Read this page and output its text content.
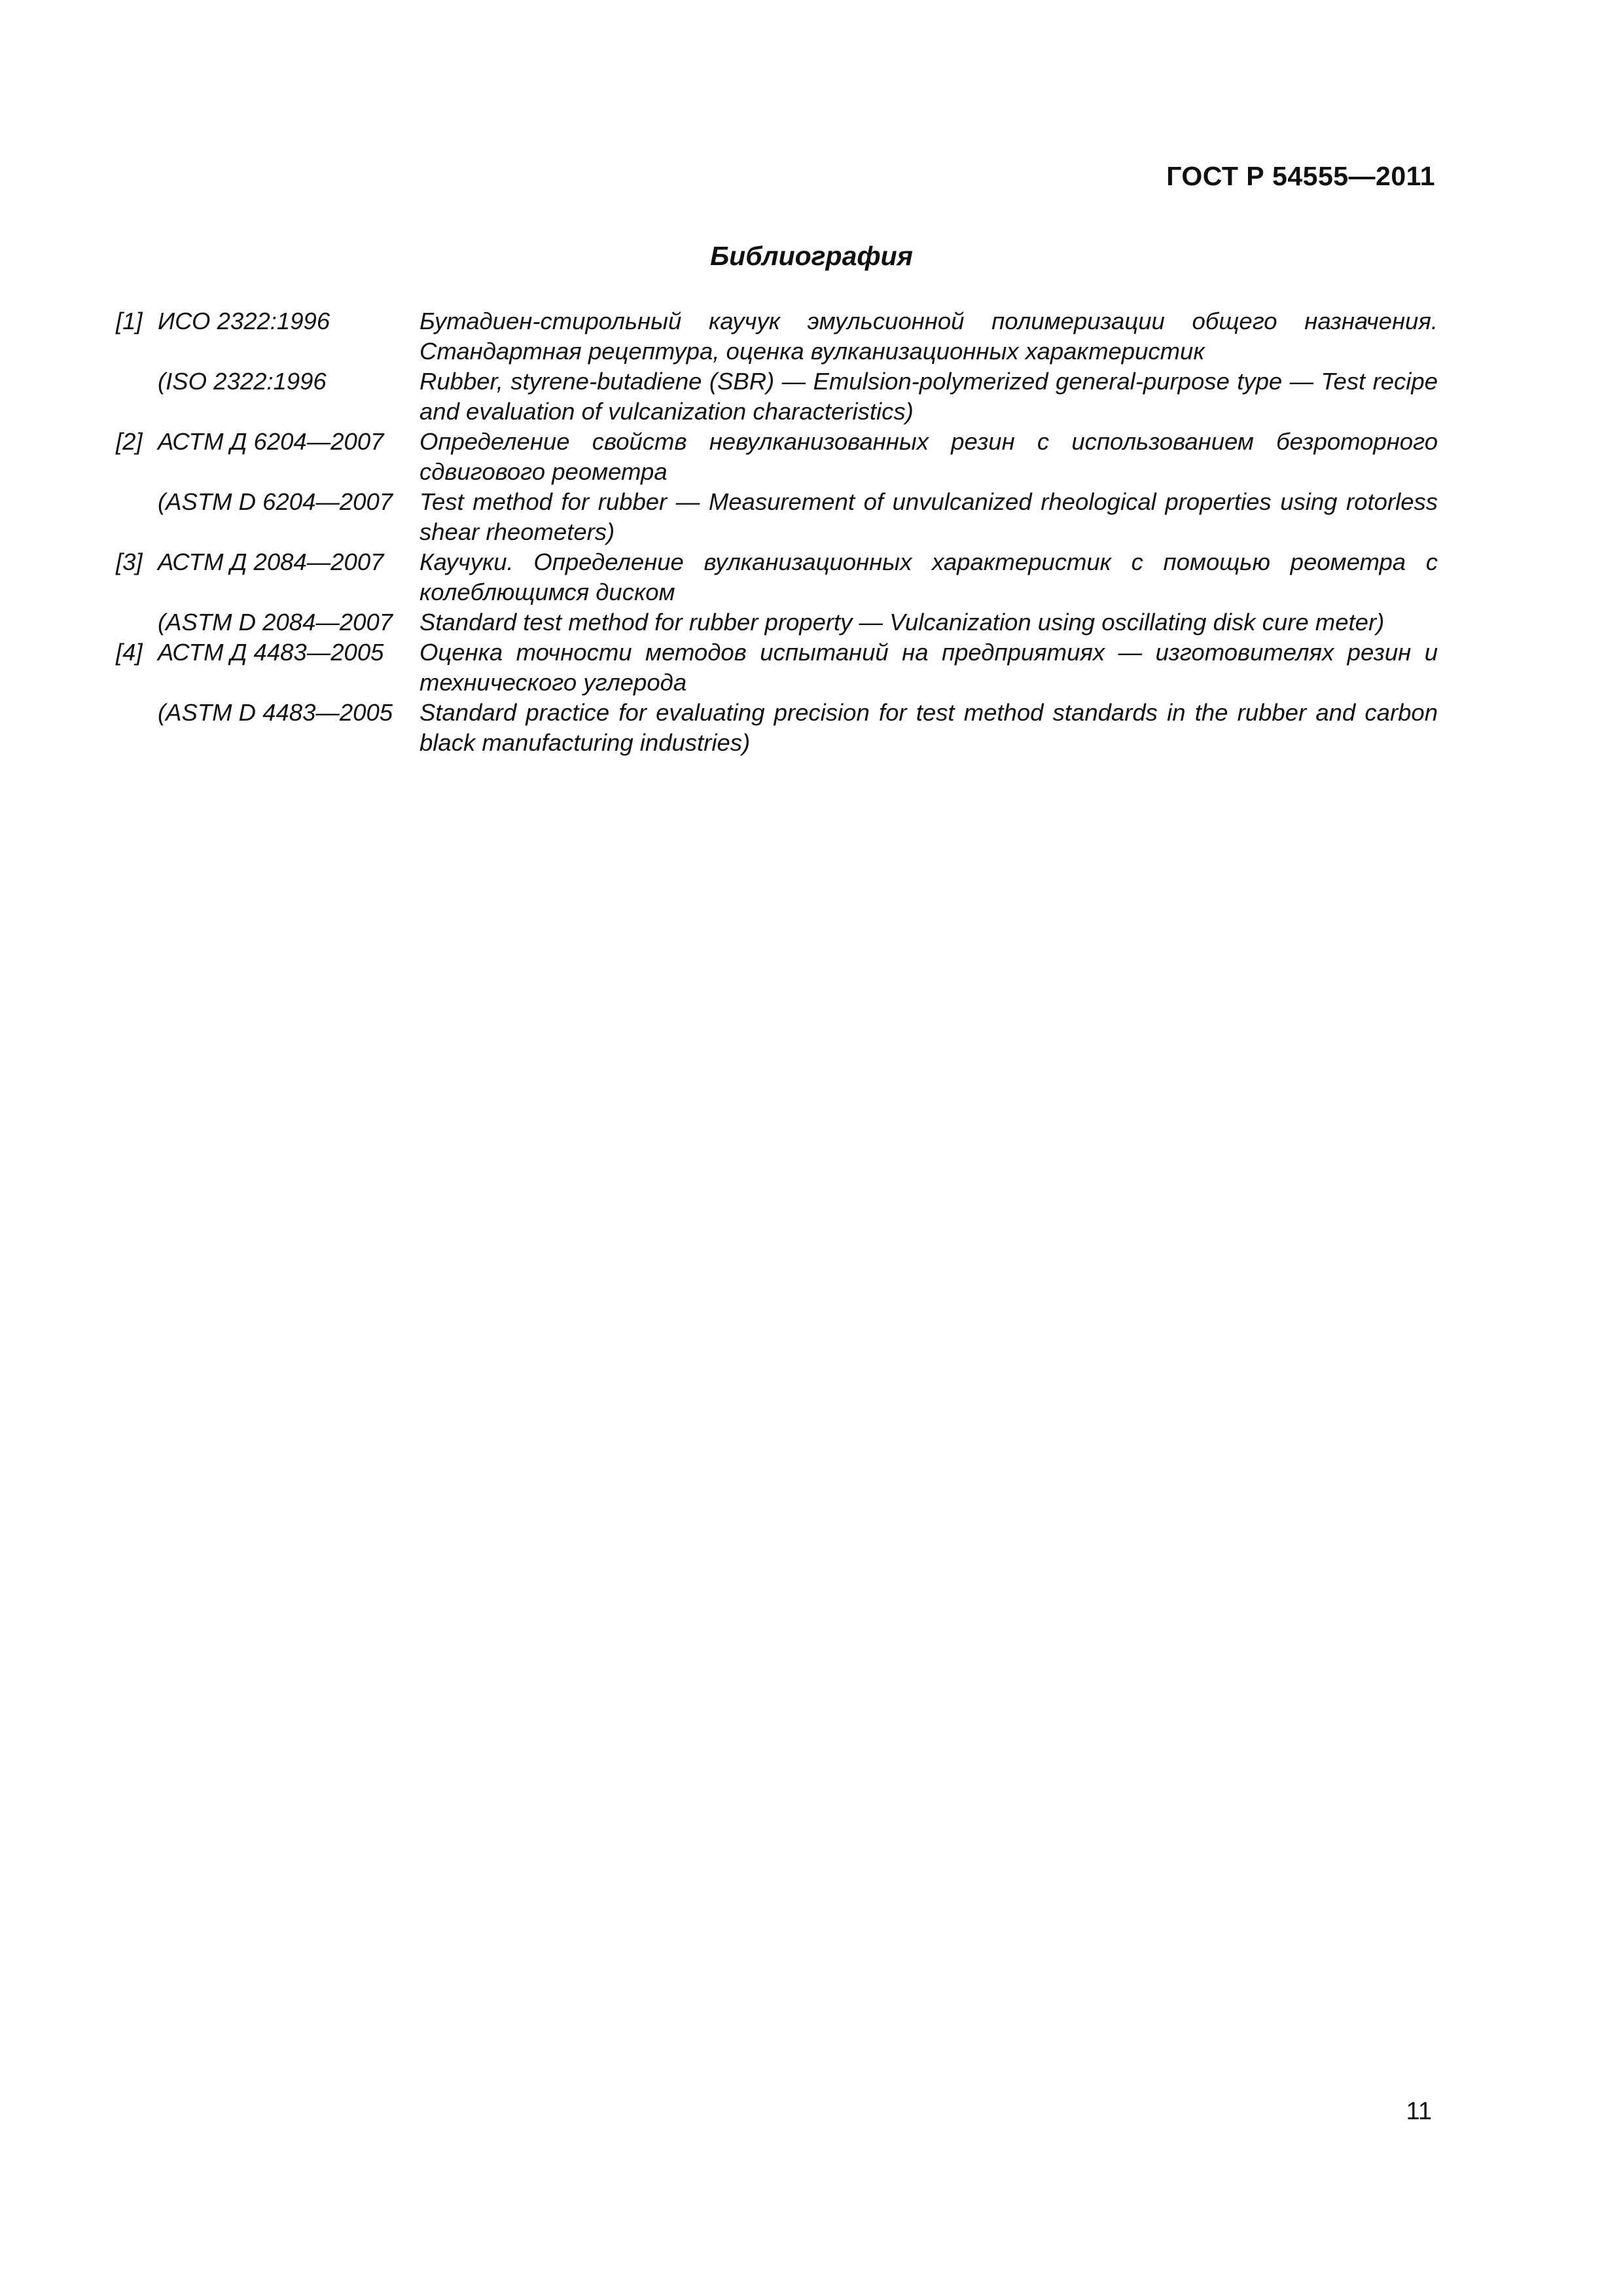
ГОСТ Р 54555—2011
Библиография
[1] ИСО 2322:1996	Бутадиен-стирольный каучук эмульсионной полимеризации общего назначения. Стандартная рецептура, оценка вулканизационных характеристик
(ISO 2322:1996	Rubber, styrene-butadiene (SBR) — Emulsion-polymerized general-purpose type — Test recipe and evaluation of vulcanization characteristics)
[2] АСТМ Д 6204—2007	Определение свойств невулканизованных резин с использованием безроторного сдвигового реометра
(ASTM D 6204—2007	Test method for rubber — Measurement of unvulcanized rheological properties using rotorless shear rheometers)
[3] АСТМ Д 2084—2007	Каучуки. Определение вулканизационных характеристик с помощью реометра с колеблющимся диском
(ASTM D 2084—2007	Standard test method for rubber property — Vulcanization using oscillating disk cure meter)
[4] АСТМ Д 4483—2005	Оценка точности методов испытаний на предприятиях — изготовителях резин и технического углерода
(ASTM D 4483—2005	Standard practice for evaluating precision for test method standards in the rubber and carbon black manufacturing industries)
11
